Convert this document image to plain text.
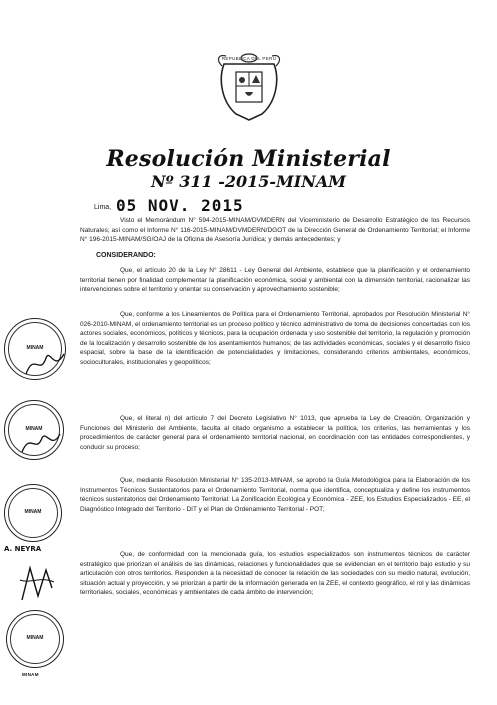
REPUBLICA DEL PERU
Resolución Ministerial
Nº 311 -2015-MINAM
Lima, 05 NOV. 2015

Visto el Memorándum N° 594-2015-MINAM/DVMDERN del Viceministerio de Desarrollo Estratégico de los Recursos Naturales; así como el Informe N° 116-2015-MINAM/DVMDERN/DGOT de la Dirección General de Ordenamiento Territorial; el Informe N° 196-2015-MINAM/SG/OAJ de la Oficina de Asesoría Jurídica; y demás antecedentes; y

CONSIDERANDO:

Que, el artículo 20 de la Ley N° 28611 - Ley General del Ambiente, establece que la planificación y el ordenamiento territorial tienen por finalidad complementar la planificación económica, social y ambiental con la dimensión territorial, racionalizar las intervenciones sobre el territorio y orientar su conservación y aprovechamiento sostenible;

Que, conforme a los Lineamientos de Política para el Ordenamiento Territorial, aprobados por Resolución Ministerial N° 026-2010-MINAM, el ordenamiento territorial es un proceso político y técnico administrativo de toma de decisiones concertadas con los actores sociales, económicos, políticos y técnicos, para la ocupación ordenada y uso sostenible del territorio, la regulación y promoción de la localización y desarrollo sostenible de los asentamientos humanos; de las actividades económicas, sociales y el desarrollo físico espacial, sobre la base de la identificación de potencialidades y limitaciones, considerando criterios ambientales, económicos, socioculturales, institucionales y geopolíticos;

Que, el literal n) del artículo 7 del Decreto Legislativo N° 1013, que aprueba la Ley de Creación, Organización y Funciones del Ministerio del Ambiente, faculta al citado organismo a establecer la política, los criterios, las herramientas y los procedimientos de carácter general para el ordenamiento territorial nacional, en coordinación con las entidades correspondientes, y conducir su proceso;

Que, mediante Resolución Ministerial N° 135-2013-MINAM, se aprobó la Guía Metodológica para la Elaboración de los Instrumentos Técnicos Sustentatorios para el Ordenamiento Territorial, norma que identifica, conceptualiza y define los instrumentos técnicos sustentatorios del Ordenamiento Territorial: La Zonificación Ecológica y Económica - ZEE, los Estudios Especializados - EE, el Diagnóstico Integrado del Territorio - DIT y el Plan de Ordenamiento Territorial - POT;

Que, de conformidad con la mencionada guía, los estudios especializados son instrumentos técnicos de carácter estratégico que priorizan el análisis de las dinámicas, relaciones y funcionalidades que se evidencian en el territorio bajo estudio y su articulación con otros territorios. Responden a la necesidad de conocer la relación de las sociedades con su medio natural, evolución, situación actual y proyección, y se priorizan a partir de la información generada en la ZEE, el contexto geográfico, el rol y las dinámicas territoriales, sociales, económicas y ambientales de cada ámbito de intervención;

MINAM
MINAM
MINAM
A. NEYRA
MINAM
MINAM
